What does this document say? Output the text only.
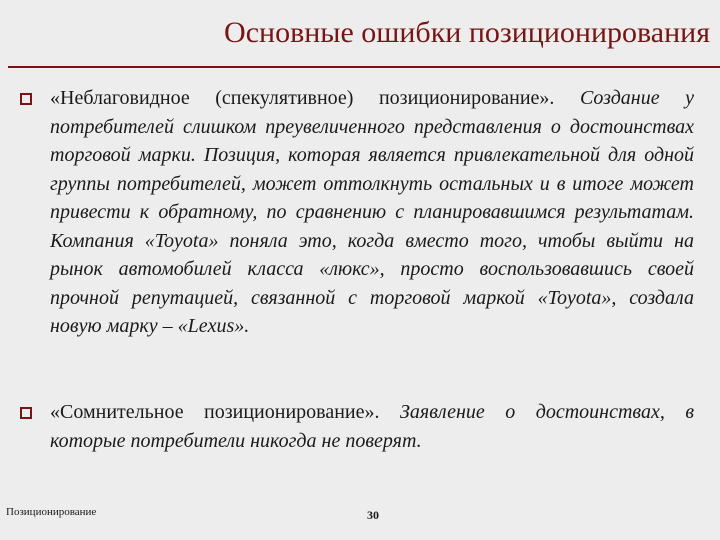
Основные ошибки позиционирования
«Неблаговидное (спекулятивное) позиционирование». Создание у потребителей слишком преувеличенного представления о достоинствах торговой марки. Позиция, которая является привлекательной для одной группы потребителей, может оттолкнуть остальных и в итоге может привести к обратному, по сравнению с планировавшимся результатам. Компания «Toyota» поняла это, когда вместо того, чтобы выйти на рынок автомобилей класса «люкс», просто воспользовавшись своей прочной репутацией, связанной с торговой маркой «Toyota», создала новую марку – «Lexus».
«Сомнительное позиционирование». Заявление о достоинствах, в которые потребители никогда не поверят.
Позиционирование	30
